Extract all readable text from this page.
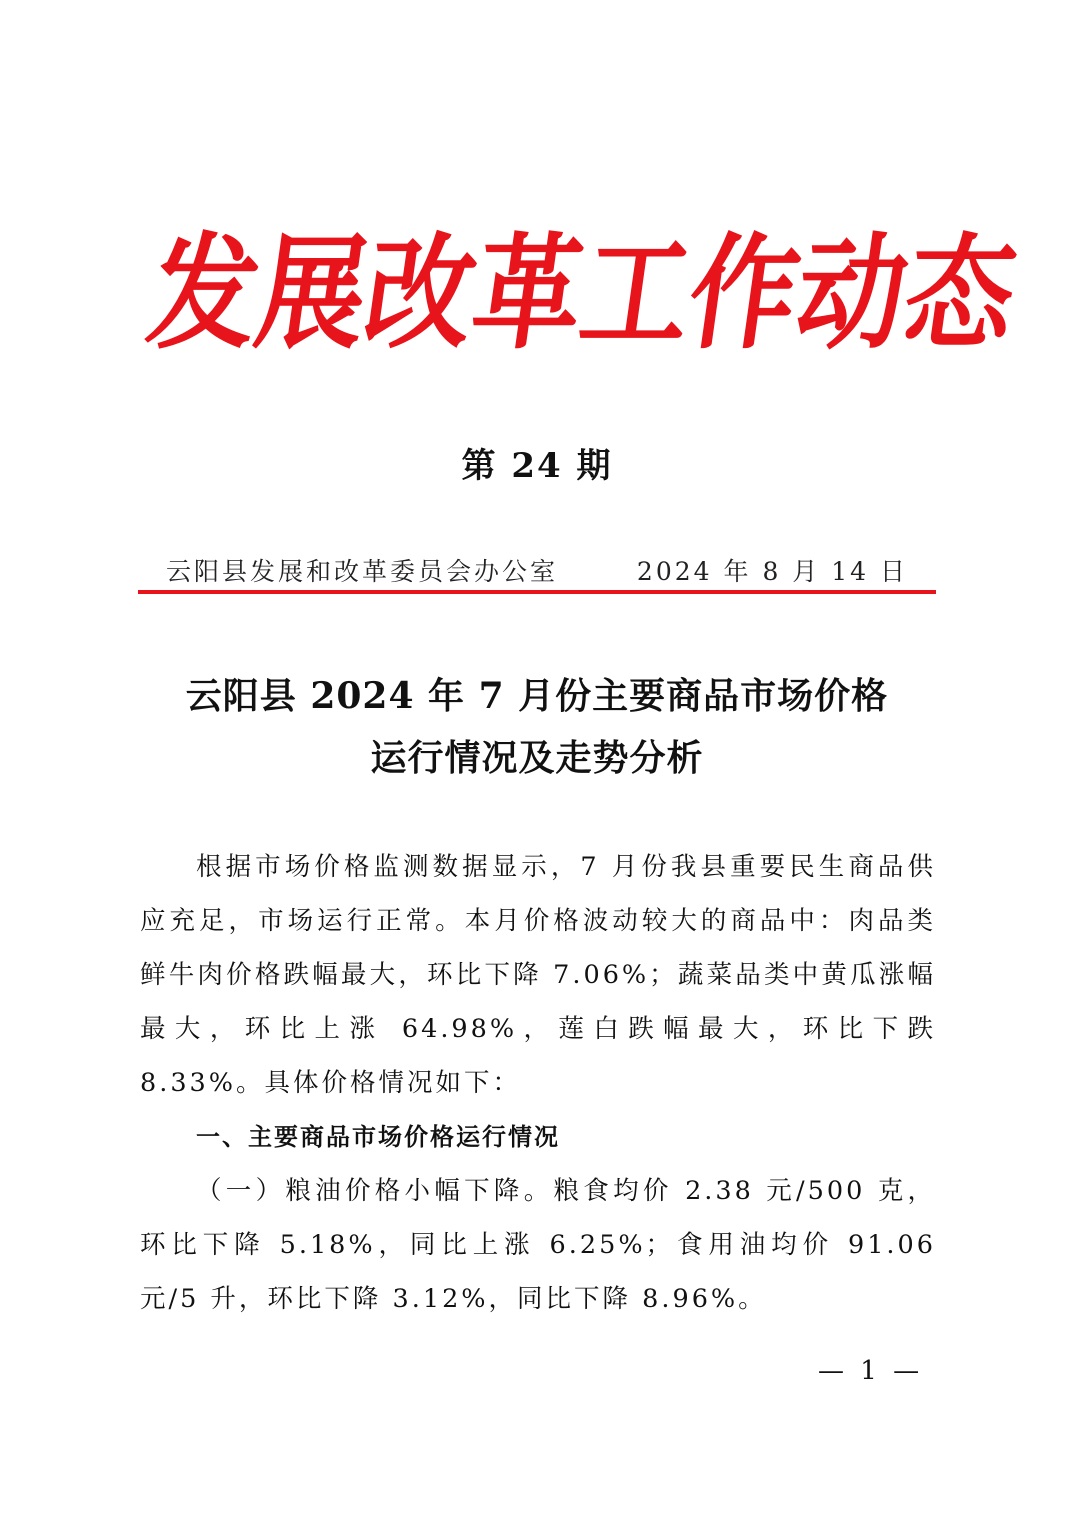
发
展
改
革
工
作
动
态
第 24 期
云阳县发展和改革委员会办公室	2024 年 8 月 14 日
云阳县 2024 年 7 月份主要商品市场价格
运行情况及走势分析

根据市场价格监测数据显示，7 月份我县重要民生商品供应充足，市场运行正常。本月价格波动较大的商品中：肉品类鲜牛肉价格跌幅最大，环比下降 7.06%；蔬菜品类中黄瓜涨幅最大，环比上涨 64.98%，莲白跌幅最大，环比下跌 8.33%。具体价格情况如下：

一、主要商品市场价格运行情况

（一）粮油价格小幅下降。粮食均价 2.38 元/500 克，环比下降 5.18%，同比上涨 6.25%；食用油均价 91.06 元/5 升，环比下降 3.12%，同比下降 8.96%。

— 1 —
